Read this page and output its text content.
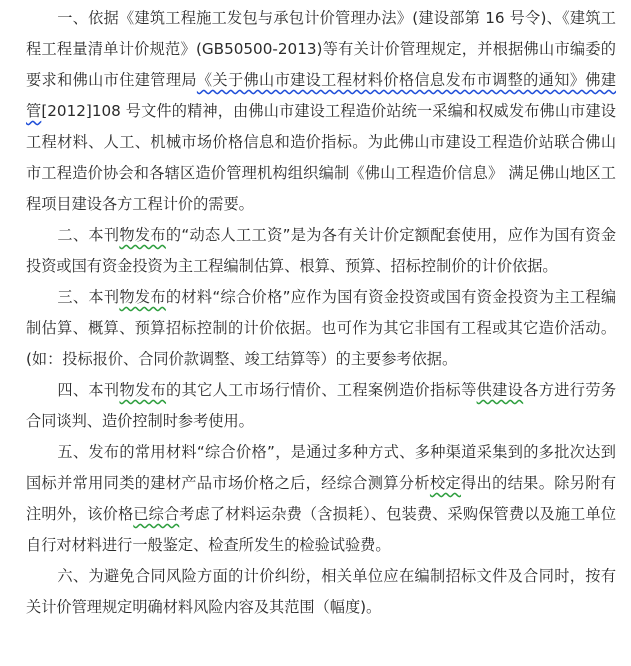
一、依据《建筑工程施工发包与承包计价管理办法》(建设部第 16 号令)、《建筑工程工程量清单计价规范》(GB50500-2013)等有关计价管理规定，并根据佛山市编委的要求和佛山市住建管理局《关于佛山市建设工程材料价格信息发布市调整的通知》佛建管[2012]108 号文件的精神，由佛山市建设工程造价站统一采编和权威发布佛山市建设工程材料、人工、机械市场价格信息和造价指标。为此佛山市建设工程造价站联合佛山市工程造价协会和各辖区造价管理机构组织编制《佛山工程造价信息》 满足佛山地区工程项目建设各方工程计价的需要。

二、本刊物发布的“动态人工工资”是为各有关计价定额配套使用，应作为国有资金投资或国有资金投资为主工程编制估算、根算、预算、招标控制价的计价依据。

三、本刊物发布的材料“综合价格”应作为国有资金投资或国有资金投资为主工程编制估算、概算、预算招标控制的计价依据。也可作为其它非国有工程或其它造价活动。(如：投标报价、合同价款调整、竣工结算等）的主要参考依据。

四、本刊物发布的其它人工市场行情价、工程案例造价指标等供建设各方进行劳务合同谈判、造价控制时参考使用。

五、发布的常用材料“综合价格”，是通过多种方式、多种渠道采集到的多批次达到国标并常用同类的建材产品市场价格之后，经综合测算分析校定得出的结果。除另附有注明外，该价格已综合考虑了材料运杂费（含损耗）、包装费、采购保管费以及施工单位自行对材料进行一般鉴定、检查所发生的检验试验费。

六、为避免合同风险方面的计价纠纷，相关单位应在编制招标文件及合同时，按有关计价管理规定明确材料风险内容及其范围（幅度)。
